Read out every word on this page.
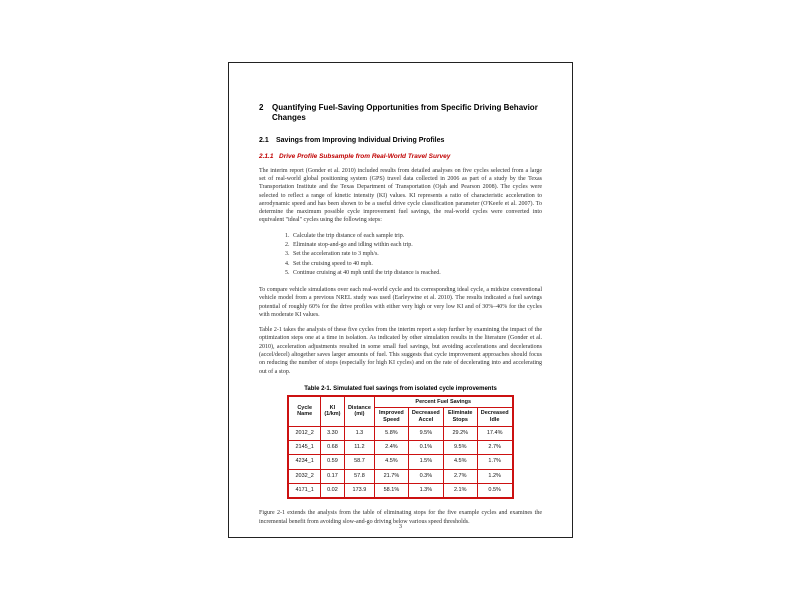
2	Quantifying Fuel-Saving Opportunities from Specific Driving Behavior Changes
2.1	Savings from Improving Individual Driving Profiles
2.1.1 Drive Profile Subsample from Real-World Travel Survey

The interim report (Gonder et al. 2010) included results from detailed analyses on five cycles selected from a large set of real-world global positioning system (GPS) travel data collected in 2006 as part of a study by the Texas Transportation Institute and the Texas Department of Transportation (Ojah and Pearson 2008). The cycles were selected to reflect a range of kinetic intensity (KI) values. KI represents a ratio of characteristic acceleration to aerodynamic speed and has been shown to be a useful drive cycle classification parameter (O'Keefe et al. 2007). To determine the maximum possible cycle improvement fuel savings, the real-world cycles were converted into equivalent "ideal" cycles using the following steps:

1. Calculate the trip distance of each sample trip.
2. Eliminate stop-and-go and idling within each trip.
3. Set the acceleration rate to 3 mph/s.
4. Set the cruising speed to 40 mph.
5. Continue cruising at 40 mph until the trip distance is reached.

To compare vehicle simulations over each real-world cycle and its corresponding ideal cycle, a midsize conventional vehicle model from a previous NREL study was used (Earleywine et al. 2010). The results indicated a fuel savings potential of roughly 60% for the drive profiles with either very high or very low KI and of 30%–40% for the cycles with moderate KI values.

Table 2-1 takes the analysis of these five cycles from the interim report a step further by examining the impact of the optimization steps one at a time in isolation. As indicated by other simulation results in the literature (Gonder et al. 2010), acceleration adjustments resulted in some small fuel savings, but avoiding accelerations and decelerations (accel/decel) altogether saves larger amounts of fuel. This suggests that cycle improvement approaches should focus on reducing the number of stops (especially for high KI cycles) and on the rate of decelerating into and accelerating out of a stop.

Table 2-1. Simulated fuel savings from isolated cycle improvements
Cycle Name	KI (1/km)	Distance (mi)	Percent Fuel Savings			
			Improved Speed	Decreased Accel	Eliminate Stops	Decreased Idle
2012_2	3.30	1.3	5.8%	9.5%	29.2%	17.4%
2145_1	0.68	11.2	2.4%	0.1%	9.5%	2.7%
4234_1	0.59	58.7	4.5%	1.5%	4.5%	1.7%
2032_2	0.17	57.8	21.7%	0.3%	2.7%	1.2%
4171_1	0.02	173.9	58.1%	1.3%	2.1%	0.5%

Figure 2-1 extends the analysis from the table of eliminating stops for the five example cycles and examines the incremental benefit from avoiding slow-and-go driving below various speed thresholds.

3
